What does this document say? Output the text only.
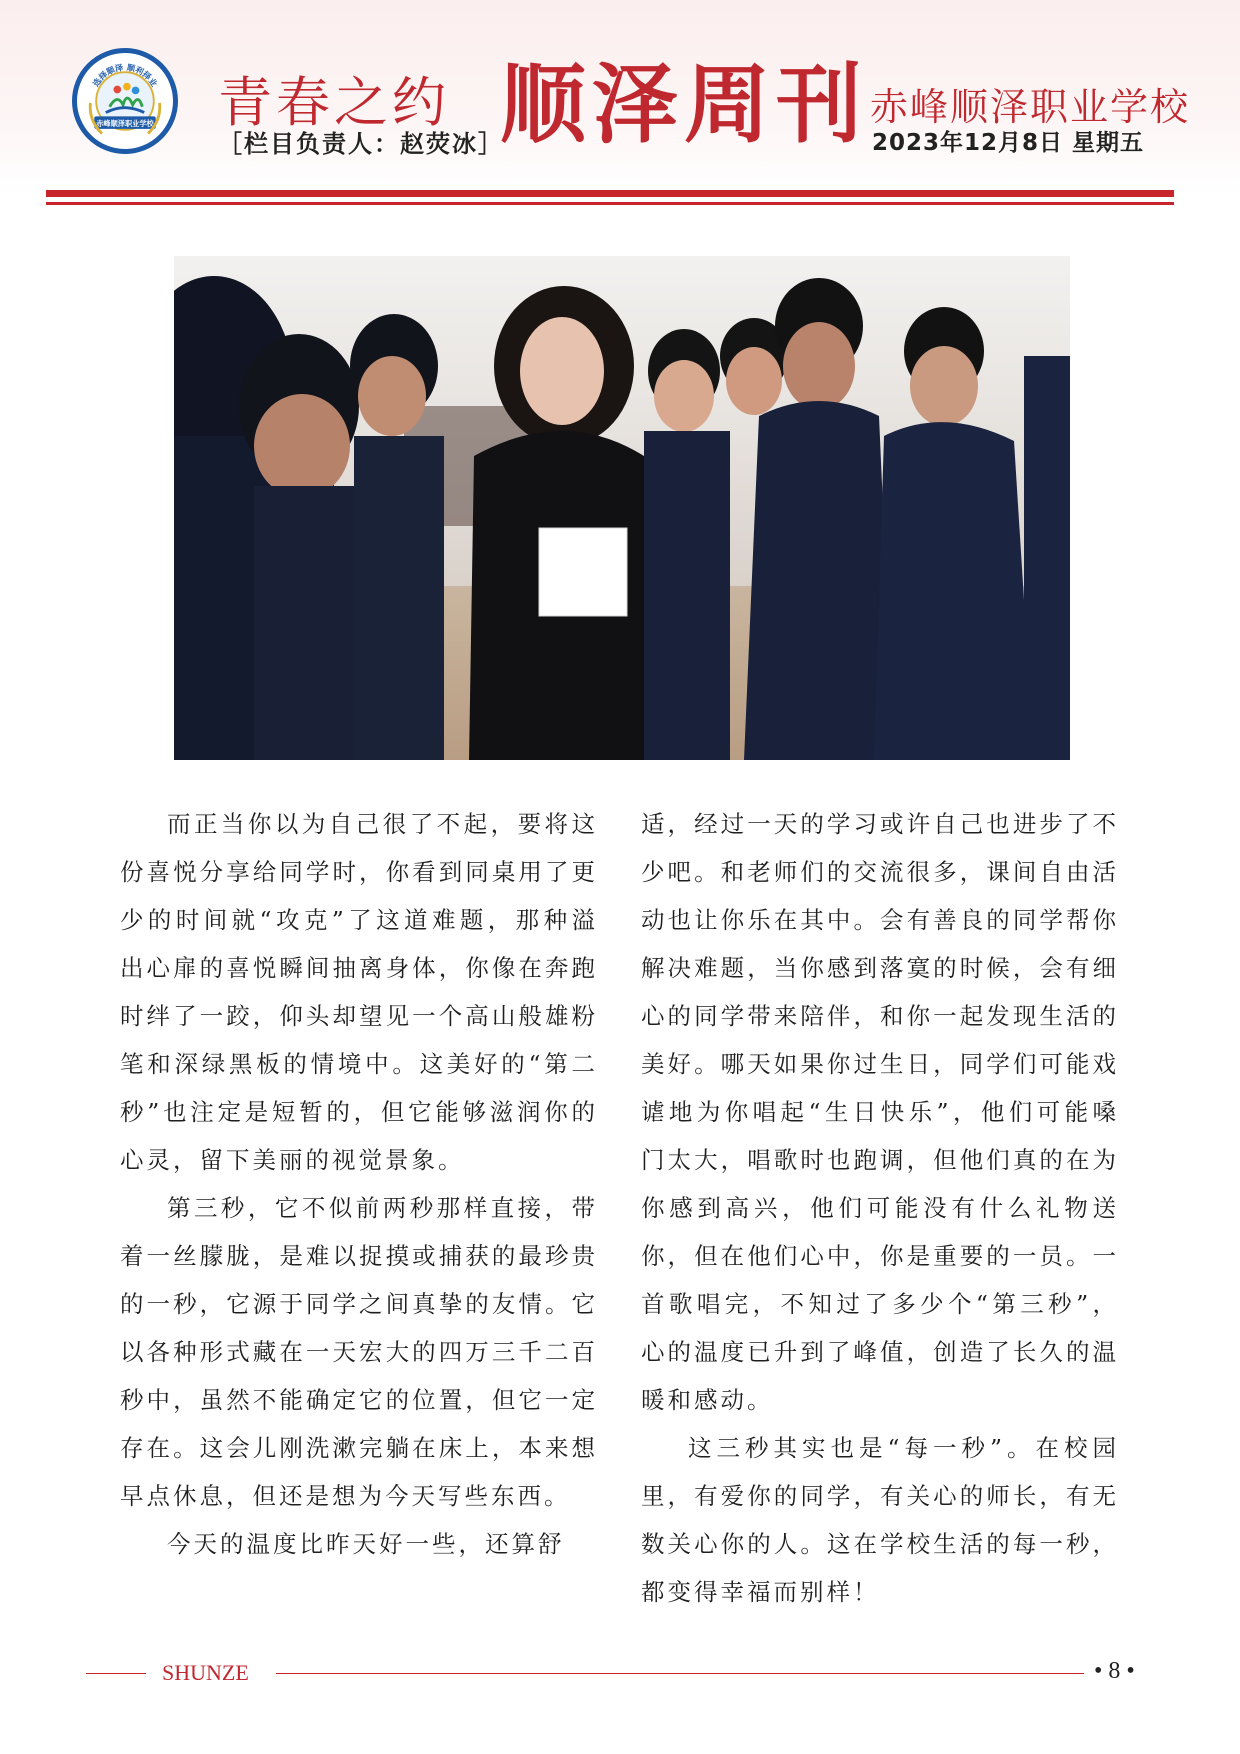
选择顺泽 顺利择业
赤峰顺泽职业学校 青春之约
［栏目负责人：赵荧冰］
顺泽周刊 赤峰顺泽职业学校
2023年12月8日 星期五

而正当你以为自己很了不起，要将这份喜悦分享给同学时，你看到同桌用了更少的时间就“攻克”了这道难题，那种溢出心扉的喜悦瞬间抽离身体，你像在奔跑时绊了一跤，仰头却望见一个高山般雄粉笔和深绿黑板的情境中。这美好的“第二秒”也注定是短暂的，但它能够滋润你的心灵，留下美丽的视觉景象。

第三秒，它不似前两秒那样直接，带着一丝朦胧，是难以捉摸或捕获的最珍贵的一秒，它源于同学之间真挚的友情。它以各种形式藏在一天宏大的四万三千二百秒中，虽然不能确定它的位置，但它一定存在。这会儿刚洗漱完躺在床上，本来想早点休息，但还是想为今天写些东西。

今天的温度比昨天好一些，还算舒

适，经过一天的学习或许自己也进步了不少吧。和老师们的交流很多，课间自由活动也让你乐在其中。会有善良的同学帮你解决难题，当你感到落寞的时候，会有细心的同学带来陪伴，和你一起发现生活的美好。哪天如果你过生日，同学们可能戏谑地为你唱起“生日快乐”，他们可能嗓门太大，唱歌时也跑调，但他们真的在为你感到高兴，他们可能没有什么礼物送你，但在他们心中，你是重要的一员。一首歌唱完，不知过了多少个“第三秒”，心的温度已升到了峰值，创造了长久的温暖和感动。

这三秒其实也是“每一秒”。在校园里，有爱你的同学，有关心的师长，有无数关心你的人。这在学校生活的每一秒，都变得幸福而别样！

SHUNZE	• 8 •
